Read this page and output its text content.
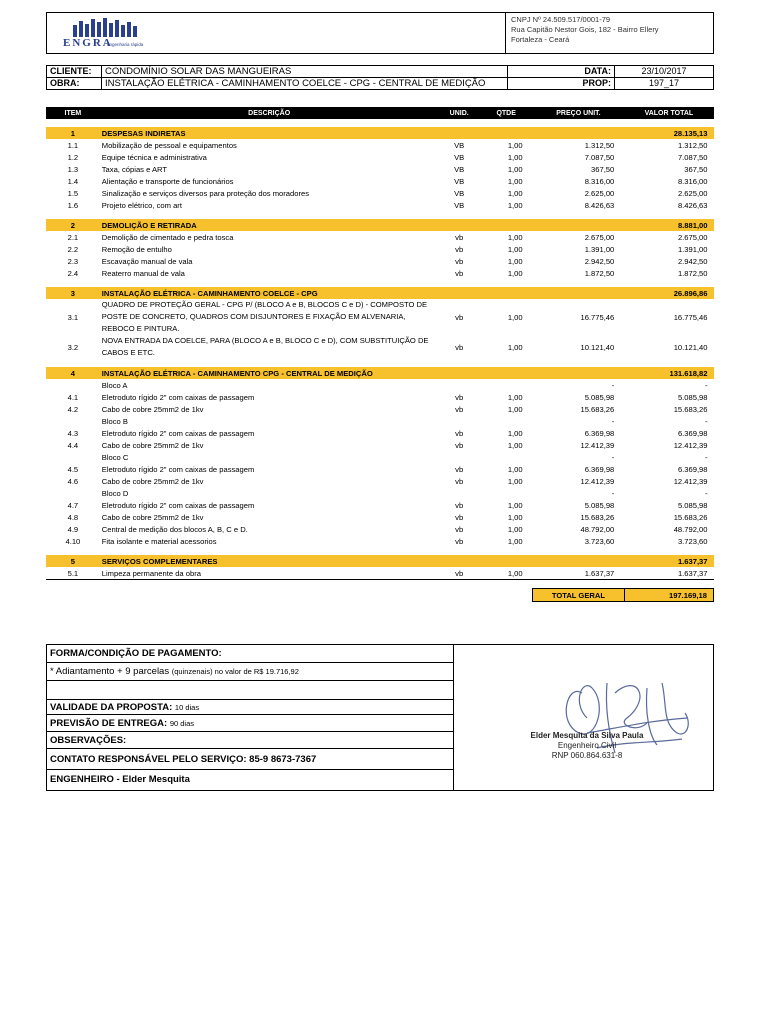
ENGRA
engenharia rápida
CNPJ Nº 24.509.517/0001-79
Rua Capitão Nestor Gois, 182 - Bairro Ellery
Fortaleza - Ceará
CLIENTE:	CONDOMÍNIO SOLAR DAS MANGUEIRAS	DATA:	23/10/2017
OBRA:	INSTALAÇÃO ELÉTRICA - CAMINHAMENTO COELCE - CPG - CENTRAL DE MEDIÇÃO	PROP:	197_17
ITEM	DESCRIÇÃO	UNID.	QTDE	PREÇO UNIT.	VALOR TOTAL

1	DESPESAS INDIRETAS				28.135,13
1.1	Mobilização de pessoal e equipamentos	VB	1,00	1.312,50	1.312,50
1.2	Equipe técnica e administrativa	VB	1,00	7.087,50	7.087,50
1.3	Taxa, cópias e ART	VB	1,00	367,50	367,50
1.4	Alientação e transporte de funcionários	VB	1,00	8.316,00	8.316,00
1.5	Sinalização e serviços diversos para proteção dos moradores	VB	1,00	2.625,00	2.625,00
1.6	Projeto elétrico, com art	VB	1,00	8.426,63	8.426,63

2	DEMOLIÇÃO E RETIRADA				8.881,00
2.1	Demolição de cimentado e pedra tosca	vb	1,00	2.675,00	2.675,00
2.2	Remoção de entulho	vb	1,00	1.391,00	1.391,00
2.3	Escavação manual de vala	vb	1,00	2.942,50	2.942,50
2.4	Reaterro manual de vala	vb	1,00	1.872,50	1.872,50

3	INSTALAÇÃO ELÉTRICA - CAMINHAMENTO COELCE - CPG				26.896,86
3.1	QUADRO DE PROTEÇÃO GERAL - CPG P/ (BLOCO A e B, BLOCOS C e D) - COMPOSTO DE POSTE DE CONCRETO, QUADROS COM DISJUNTORES E FIXAÇÃO EM ALVENARIA, REBOCO E PINTURA.	vb	1,00	16.775,46	16.775,46
3.2	NOVA ENTRADA DA COELCE, PARA (BLOCO A e B, BLOCO C e D), COM SUBSTITUIÇÃO DE CABOS E ETC.	vb	1,00	10.121,40	10.121,40

4	INSTALAÇÃO ELÉTRICA - CAMINHAMENTO CPG - CENTRAL DE MEDIÇÃO				131.618,82
	Bloco A			-	-
4.1	Eletroduto rígido 2" com caixas de passagem	vb	1,00	5.085,98	5.085,98
4.2	Cabo de cobre 25mm2 de 1kv	vb	1,00	15.683,26	15.683,26
	Bloco B			-	-
4.3	Eletroduto rígido 2" com caixas de passagem	vb	1,00	6.369,98	6.369,98
4.4	Cabo de cobre 25mm2 de 1kv	vb	1,00	12.412,39	12.412,39
	Bloco C			-	-
4.5	Eletroduto rígido 2" com caixas de passagem	vb	1,00	6.369,98	6.369,98
4.6	Cabo de cobre 25mm2 de 1kv	vb	1,00	12.412,39	12.412,39
	Bloco D			-	-
4.7	Eletroduto rígido 2" com caixas de passagem	vb	1,00	5.085,98	5.085,98
4.8	Cabo de cobre 25mm2 de 1kv	vb	1,00	15.683,26	15.683,26
4.9	Central de medição dos blocos A, B, C e D.	vb	1,00	48.792,00	48.792,00
4.10	Fita isolante e material acessorios	vb	1,00	3.723,60	3.723,60

5	SERVIÇOS COMPLEMENTARES				1.637,37
5.1	Limpeza permanente da obra	vb	1,00	1.637,37	1.637,37

				TOTAL GERAL	197.169,18
FORMA/CONDIÇÃO DE PAGAMENTO:
* Adiantamento + 9 parcelas (quinzenais) no valor de R$ 19.716,92
VALIDADE DA PROPOSTA: 10 dias
PREVISÃO DE ENTREGA: 90 dias
OBSERVAÇÕES:
CONTATO RESPONSÁVEL PELO SERVIÇO: 85-9 8673-7367
ENGENHEIRO - Elder Mesquita
Elder Mesquita da Silva Paula
Engenheiro Civil
RNP 060.864.631-8
